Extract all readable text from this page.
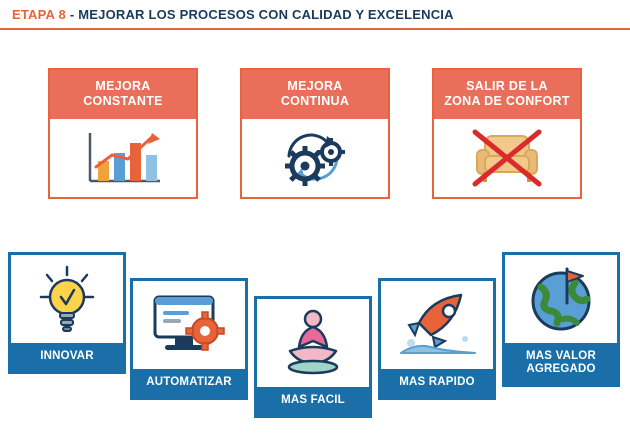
ETAPA 8 - MEJORAR LOS PROCESOS CON CALIDAD Y EXCELENCIA
MEJORA
CONSTANTE
MEJORA
CONTINUA
SALIR DE LA
ZONA DE CONFORT
INNOVAR
AUTOMATIZAR
MAS FACIL
MAS RAPIDO
MAS VALOR
AGREGADO
